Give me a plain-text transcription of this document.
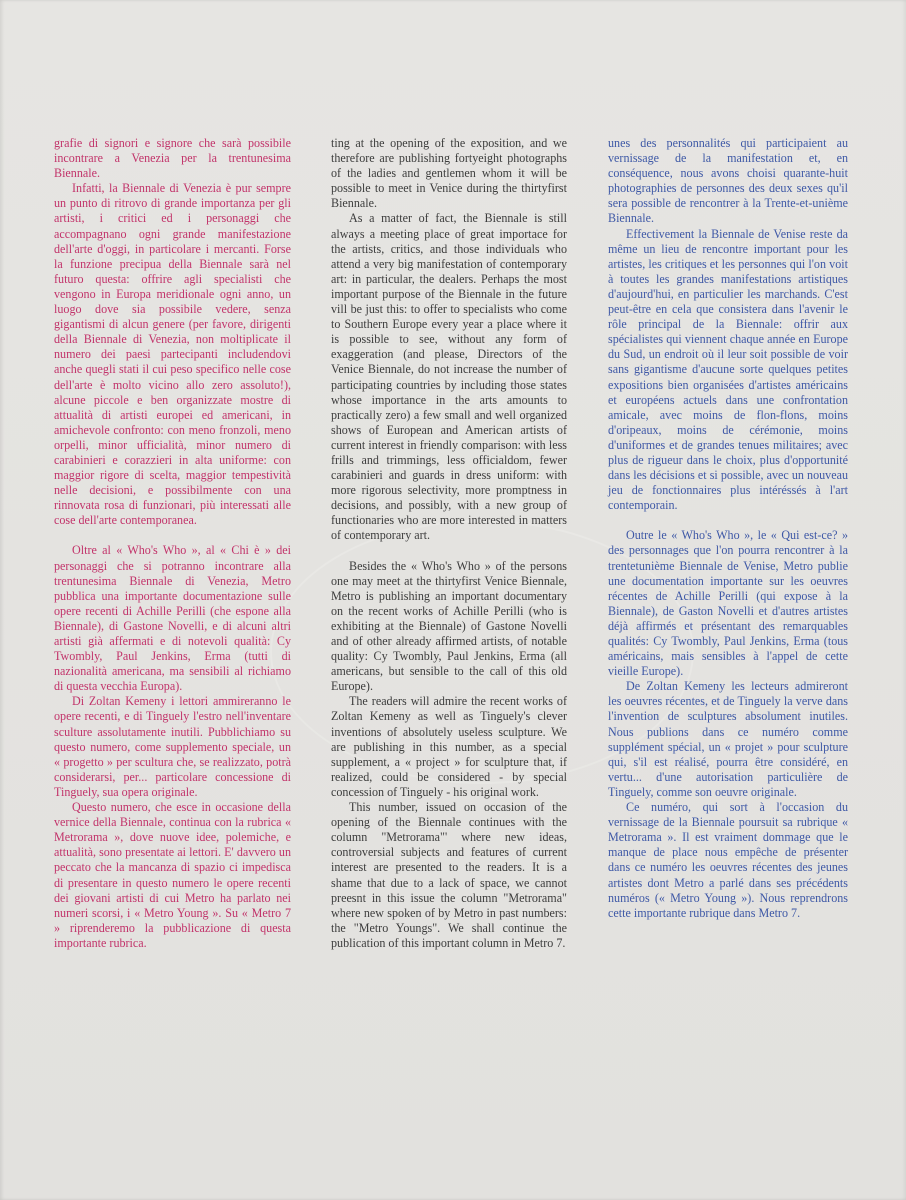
grafie di signori e signore che sarà possibile incontrare a Venezia per la trentunesima Biennale.

Infatti, la Biennale di Venezia è pur sempre un punto di ritrovo di grande importanza per gli artisti, i critici ed i personaggi che accompagnano ogni grande manifestazione dell'arte d'oggi, in particolare i mercanti. Forse la funzione precipua della Biennale sarà nel futuro questa: offrire agli specialisti che vengono in Europa meridionale ogni anno, un luogo dove sia possibile vedere, senza gigantismi di alcun genere (per favore, dirigenti della Biennale di Venezia, non moltiplicate il numero dei paesi partecipanti includendovi anche quegli stati il cui peso specifico nelle cose dell'arte è molto vicino allo zero assoluto!), alcune piccole e ben organizzate mostre di attualità di artisti europei ed americani, in amichevole confronto: con meno fronzoli, meno orpelli, minor ufficialità, minor numero di carabinieri e corazzieri in alta uniforme: con maggior rigore di scelta, maggior tempestività nelle decisioni, e possibilmente con una rinnovata rosa di funzionari, più interessati alle cose dell'arte contemporanea.

Oltre al « Who's Who », al « Chi è » dei personaggi che si potranno incontrare alla trentunesima Biennale di Venezia, Metro pubblica una importante documentazione sulle opere recenti di Achille Perilli (che espone alla Biennale), di Gastone Novelli, e di alcuni altri artisti già affermati e di notevoli qualità: Cy Twombly, Paul Jenkins, Erma (tutti di nazionalità americana, ma sensibili al richiamo di questa vecchia Europa).

Di Zoltan Kemeny i lettori ammireranno le opere recenti, e di Tinguely l'estro nell'inventare sculture assolutamente inutili. Pubblichiamo su questo numero, come supplemento speciale, un « progetto » per scultura che, se realizzato, potrà considerarsi, per... particolare concessione di Tinguely, sua opera originale.

Questo numero, che esce in occasione della vernice della Biennale, continua con la rubrica « Metrorama », dove nuove idee, polemiche, e attualità, sono presentate ai lettori. E' davvero un peccato che la mancanza di spazio ci impedisca di presentare in questo numero le opere recenti dei giovani artisti di cui Metro ha parlato nei numeri scorsi, i « Metro Young ». Su « Metro 7 » riprenderemo la pubblicazione di questa importante rubrica.

ting at the opening of the exposition, and we therefore are publishing fortyeight photographs of the ladies and gentlemen whom it will be possible to meet in Venice during the thirtyfirst Biennale.

As a matter of fact, the Biennale is still always a meeting place of great importace for the artists, critics, and those individuals who attend a very big manifestation of contemporary art: in particular, the dealers. Perhaps the most important purpose of the Biennale in the future vill be just this: to offer to specialists who come to Southern Europe every year a place where it is possible to see, without any form of exaggeration (and please, Directors of the Venice Biennale, do not increase the number of participating countries by including those states whose importance in the arts amounts to practically zero) a few small and well organized shows of European and American artists of current interest in friendly comparison: with less frills and trimmings, less officialdom, fewer carabinieri and guards in dress uniform: with more rigorous selectivity, more promptness in decisions, and possibly, with a new group of functionaries who are more interested in matters of contemporary art.

Besides the « Who's Who » of the persons one may meet at the thirtyfirst Venice Biennale, Metro is publishing an important documentary on the recent works of Achille Perilli (who is exhibiting at the Biennale) of Gastone Novelli and of other already affirmed artists, of notable quality: Cy Twombly, Paul Jenkins, Erma (all americans, but sensible to the call of this old Europe).

The readers will admire the recent works of Zoltan Kemeny as well as Tinguely's clever inventions of absolutely useless sculpture. We are publishing in this number, as a special supplement, a « project » for sculpture that, if realized, could be considered - by special concession of Tinguely - his original work.

This number, issued on occasion of the opening of the Biennale continues with the column "Metrorama"' where new ideas, controversial subjects and features of current interest are presented to the readers. It is a shame that due to a lack of space, we cannot preesnt in this issue the column "Metrorama" where new spoken of by Metro in past numbers: the "Metro Youngs". We shall continue the publication of this important column in Metro 7.

unes des personnalités qui participaient au vernissage de la manifestation et, en conséquence, nous avons choisi quarante-huit photographies de personnes des deux sexes qu'il sera possible de rencontrer à la Trente-et-unième Biennale.

Effectivement la Biennale de Venise reste da même un lieu de rencontre important pour les artistes, les critiques et les personnes qui l'on voit à toutes les grandes manifestations artistiques d'aujourd'hui, en particulier les marchands. C'est peut-être en cela que consistera dans l'avenir le rôle principal de la Biennale: offrir aux spécialistes qui viennent chaque année en Europe du Sud, un endroit où il leur soit possible de voir sans gigantisme d'aucune sorte quelques petites expositions bien organisées d'artistes américains et européens actuels dans une confrontation amicale, avec moins de flon-flons, moins d'oripeaux, moins de cérémonie, moins d'uniformes et de grandes tenues militaires; avec plus de rigueur dans le choix, plus d'opportunité dans les décisions et si possible, avec un nouveau jeu de fonctionnaires plus intéréssés à l'art contemporain.

Outre le « Who's Who », le « Qui est-ce? » des personnages que l'on pourra rencontrer à la trentetunième Biennale de Venise, Metro publie une documentation importante sur les oeuvres récentes de Achille Perilli (qui expose à la Biennale), de Gaston Novelli et d'autres artistes déjà affirmés et présentant des remarquables qualités: Cy Twombly, Paul Jenkins, Erma (tous américains, mais sensibles à l'appel de cette vieille Europe).

De Zoltan Kemeny les lecteurs admireront les oeuvres récentes, et de Tinguely la verve dans l'invention de sculptures absolument inutiles. Nous publions dans ce numéro comme supplément spécial, un « projet » pour sculpture qui, s'il est réalisé, pourra être considéré, en vertu... d'une autorisation particulière de Tinguely, comme son oeuvre originale.

Ce numéro, qui sort à l'occasion du vernissage de la Biennale poursuit sa rubrique « Metrorama ». Il est vraiment dommage que le manque de place nous empêche de présenter dans ce numéro les oeuvres récentes des jeunes artistes dont Metro a parlé dans ses précédents numéros (« Metro Young »). Nous reprendrons cette importante rubrique dans Metro 7.
